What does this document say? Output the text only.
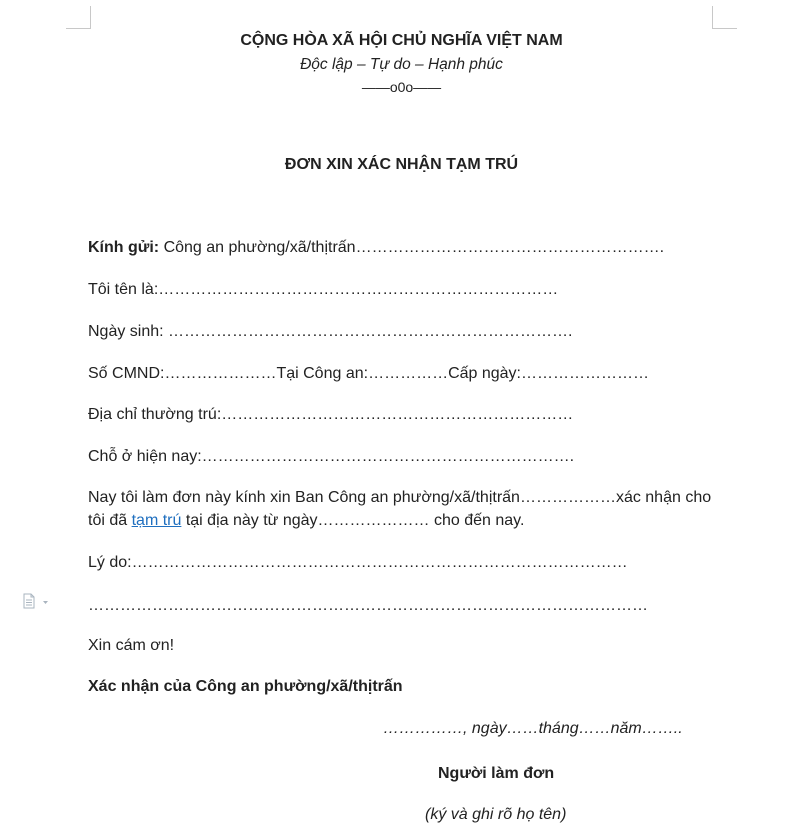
CỘNG HÒA XÃ HỘI CHỦ NGHĨA VIỆT NAM
Độc lập – Tự do – Hạnh phúc
——o0o——
ĐƠN XIN XÁC NHẬN TẠM TRÚ
Kính gửi: Công an phường/xã/thịtrấn………………………………………………….
Tôi tên là:…………………………………………………………………
Ngày sinh: ………………………………………………………………….
Số CMND:…………………Tại Công an:……………Cấp ngày:……………………
Địa chỉ thường trú:…………………………………………………………
Chỗ ở hiện nay:…………………………………………………………….
Nay tôi làm đơn này kính xin Ban Công an phường/xã/thịtrấn………………xác nhận cho
tôi đã tạm trú tại địa này từ ngày………………… cho đến nay.
Lý do:…………………………………………………………………………………
……………………………………………………………………………………………
Xin cám ơn!
Xác nhận của Công an phường/xã/thịtrấn
……………, ngày……tháng……năm……..
Người làm đơn
(ký và ghi rõ họ tên)
